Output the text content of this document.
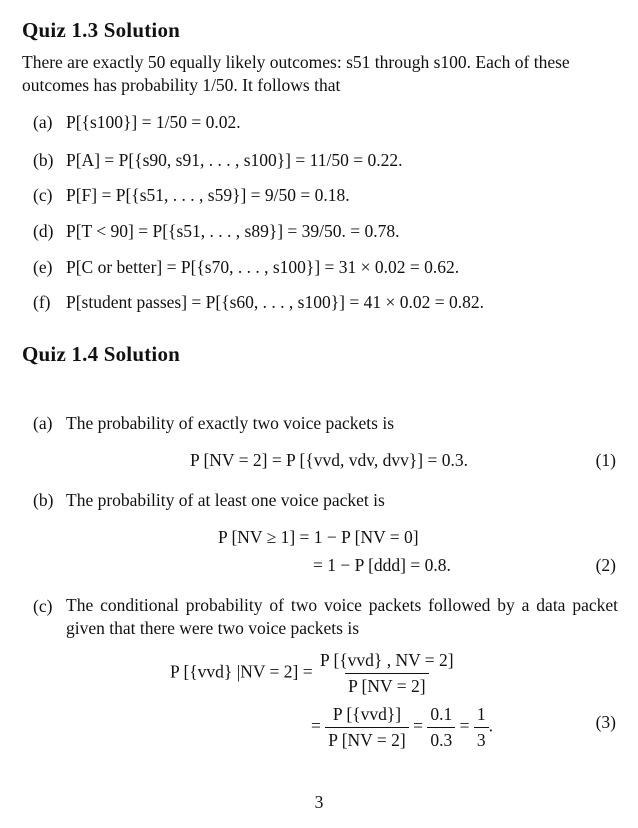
Quiz 1.3 Solution

There are exactly 50 equally likely outcomes: s51 through s100. Each of these outcomes has probability 1/50. It follows that

(a) P[{s100}] = 1/50 = 0.02.
(b) P[A] = P[{s90, s91, . . . , s100}] = 11/50 = 0.22.
(c) P[F] = P[{s51, . . . , s59}] = 9/50 = 0.18.
(d) P[T < 90] = P[{s51, . . . , s89}] = 39/50. = 0.78.
(e) P[C or better] = P[{s70, . . . , s100}] = 31 × 0.02 = 0.62.
(f) P[student passes] = P[{s60, . . . , s100}] = 41 × 0.02 = 0.82.
Quiz 1.4 Solution
(a) The probability of exactly two voice packets is
P [NV = 2] = P [{vvd, vdv, dvv}] = 0.3.	(1)
(b) The probability of at least one voice packet is
P [NV ≥ 1] = 1 − P [NV = 0]
= 1 − P [ddd] = 0.8.	(2)
(c) The conditional probability of two voice packets followed by a data packet given that there were two voice packets is
P [{vvd} $|NV = 2] = \frac{\text{P [\{vvd\} , NV = 2]}}{P [NV = 2]}$
= $\frac{\text{P [\{vvd\}]}}{P [NV = 2]} = \frac{0.1}{0.3} = \frac{1}{3}$ .	(3)
3
